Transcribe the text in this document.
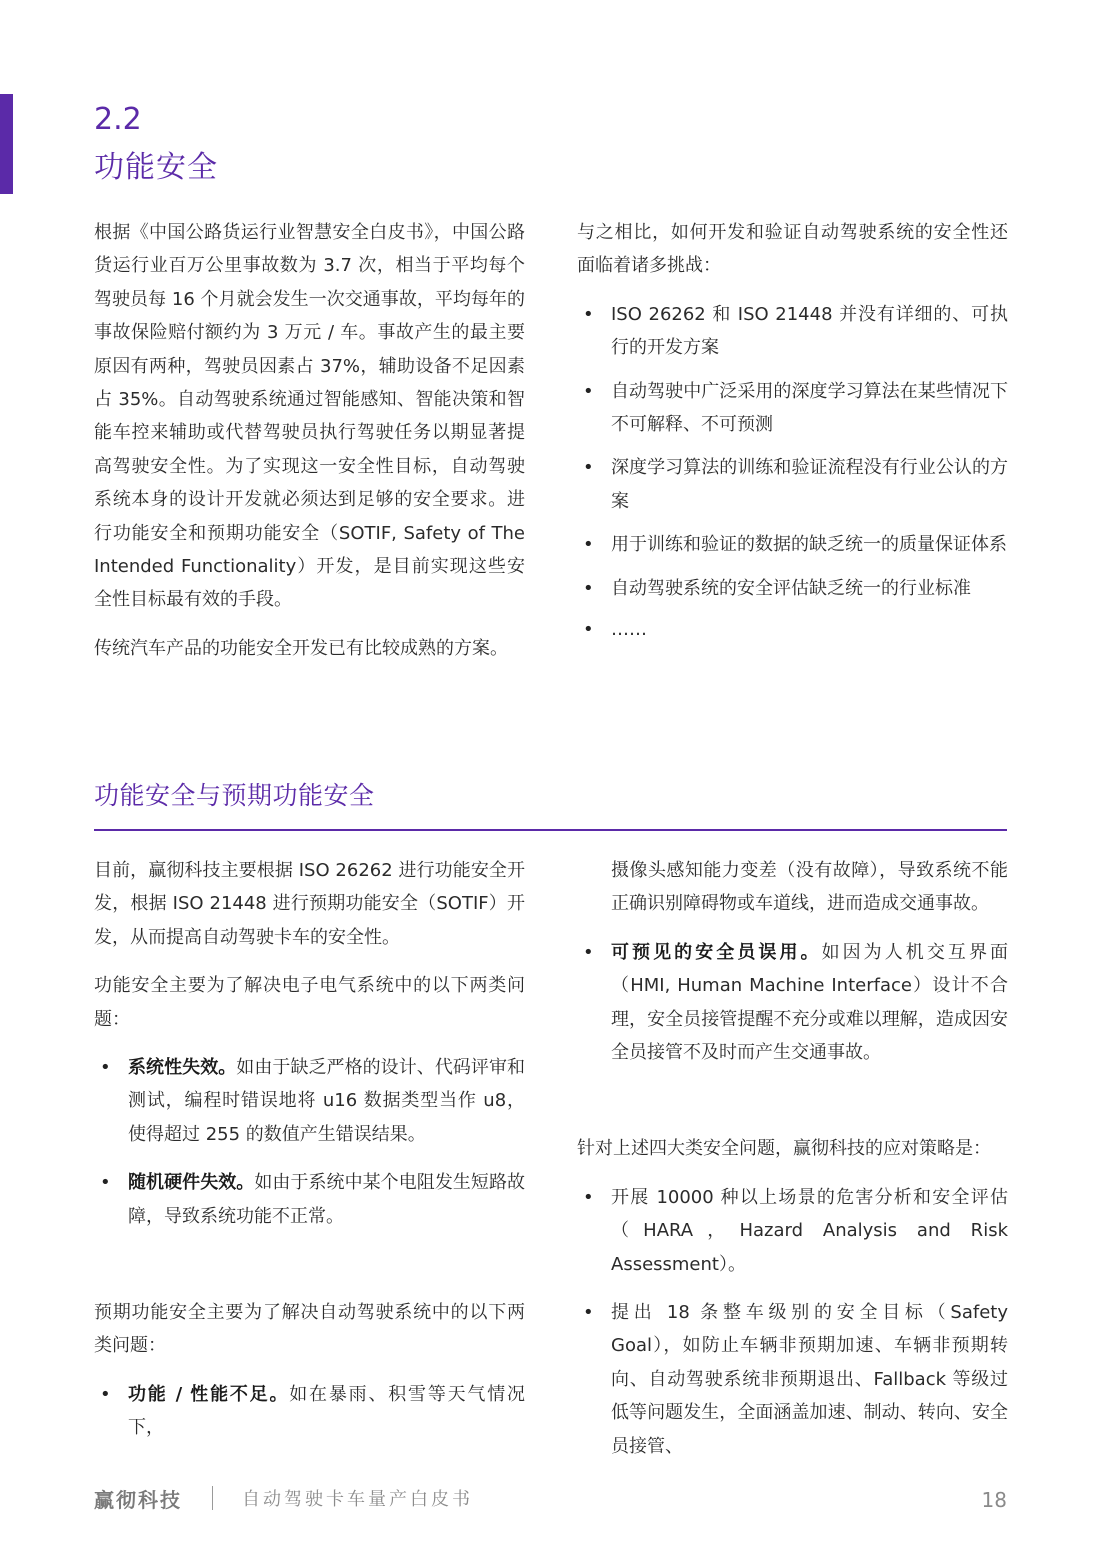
2.2
功能安全

根据《中国公路货运行业智慧安全白皮书》，中国公路货运行业百万公里事故数为 3.7 次，相当于平均每个驾驶员每 16 个月就会发生一次交通事故，平均每年的事故保险赔付额约为 3 万元 / 车。事故产生的最主要原因有两种，驾驶员因素占 37%，辅助设备不足因素占 35%。自动驾驶系统通过智能感知、智能决策和智能车控来辅助或代替驾驶员执行驾驶任务以期显著提高驾驶安全性。为了实现这一安全性目标，自动驾驶系统本身的设计开发就必须达到足够的安全要求。进行功能安全和预期功能安全（SOTIF, Safety of The Intended Functionality）开发，是目前实现这些安全性目标最有效的手段。

传统汽车产品的功能安全开发已有比较成熟的方案。

与之相比，如何开发和验证自动驾驶系统的安全性还面临着诸多挑战：

• ISO 26262 和 ISO 21448 并没有详细的、可执行的开发方案
• 自动驾驶中广泛采用的深度学习算法在某些情况下不可解释、不可预测
• 深度学习算法的训练和验证流程没有行业公认的方案
• 用于训练和验证的数据的缺乏统一的质量保证体系
• 自动驾驶系统的安全评估缺乏统一的行业标准
• ……
功能安全与预期功能安全

目前，赢彻科技主要根据 ISO 26262 进行功能安全开发，根据 ISO 21448 进行预期功能安全（SOTIF）开发，从而提高自动驾驶卡车的安全性。

功能安全主要为了解决电子电气系统中的以下两类问题：

• 系统性失效。如由于缺乏严格的设计、代码评审和测试，编程时错误地将 u16 数据类型当作 u8，使得超过 255 的数值产生错误结果。
• 随机硬件失效。如由于系统中某个电阻发生短路故障，导致系统功能不正常。

预期功能安全主要为了解决自动驾驶系统中的以下两类问题：

• 功能 / 性能不足。如在暴雨、积雪等天气情况下，

摄像头感知能力变差（没有故障），导致系统不能正确识别障碍物或车道线，进而造成交通事故。

• 可预见的安全员误用。如因为人机交互界面（HMI, Human Machine Interface）设计不合理，安全员接管提醒不充分或难以理解，造成因安全员接管不及时而产生交通事故。

针对上述四大类安全问题，赢彻科技的应对策略是：

• 开展 10000 种以上场景的危害分析和安全评估（HARA，Hazard Analysis and Risk Assessment）。
• 提出 18 条整车级别的安全目标（Safety Goal），如防止车辆非预期加速、车辆非预期转向、自动驾驶系统非预期退出、Fallback 等级过低等问题发生，全面涵盖加速、制动、转向、安全员接管、
赢彻科技	自动驾驶卡车量产白皮书	18
